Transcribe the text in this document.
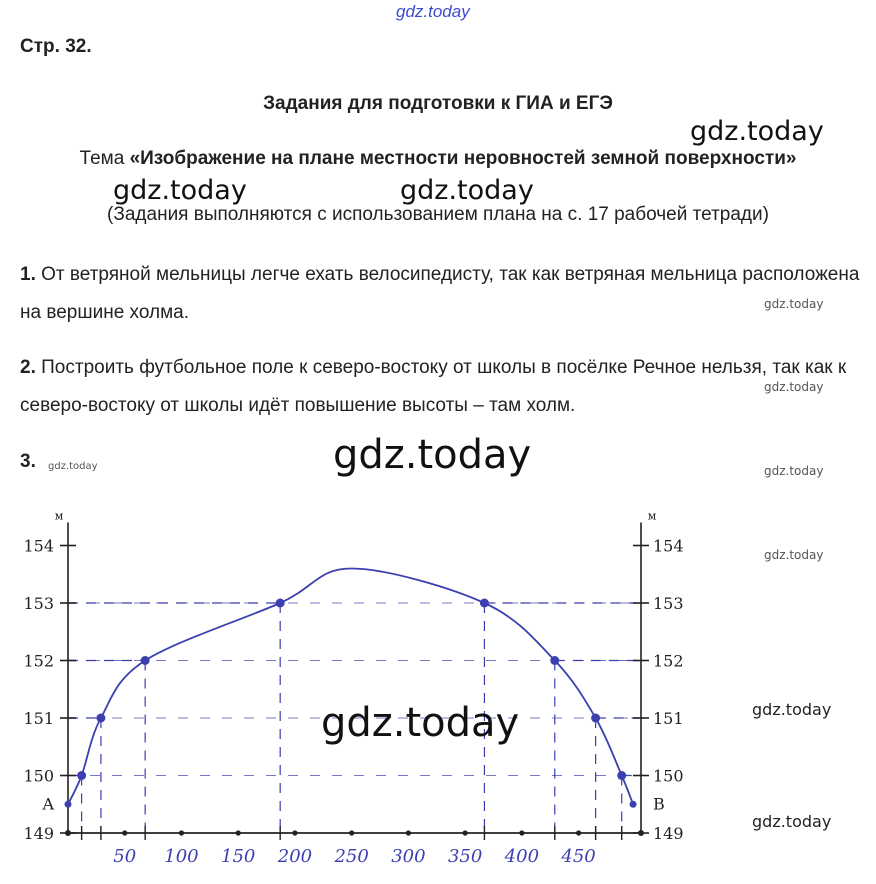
gdz.today
Стр. 32.
Задания для подготовки к ГИА и ЕГЭ
gdz.today
Тема «Изображение на плане местности неровностей земной поверхности»
gdz.today	gdz.today
(Задания выполняются с использованием плана на с. 17 рабочей тетради)
1. От ветряной мельницы легче ехать велосипедисту, так как ветряная мельница расположена на вершине холма.	gdz.today
2. Построить футбольное поле к северо-востоку от школы в посёлке Речное нельзя, так как к северо-востоку от школы идёт повышение высоты – там холм.
gdz.today
3.	gdz.today	gdz.today	gdz.today
gdz.today
149	149
150	150
151	151
152	152
153	153
154	154
м	м
50 100 150 200 250 300 350 400 450
A	B
gdz.today	gdz.today
gdz.today
